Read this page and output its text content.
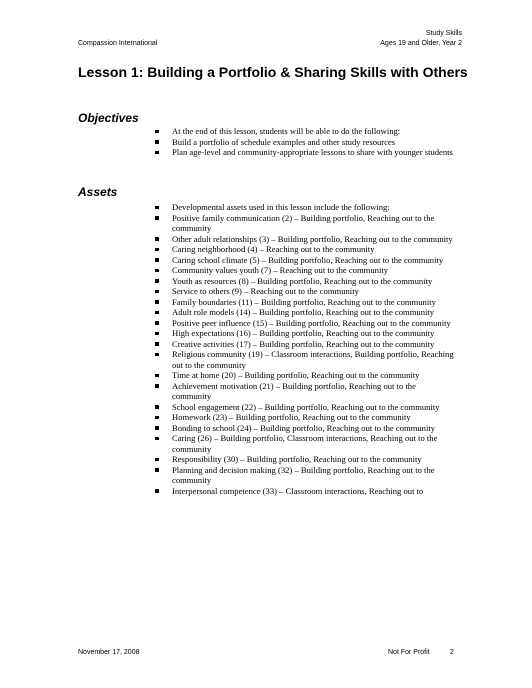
Study Skills
Ages 19 and Older, Year 2
Compassion International
Lesson 1: Building a Portfolio & Sharing Skills with Others
Objectives
At the end of this lesson, students will be able to do the following:
Build a portfolio of schedule examples and other study resources
Plan age-level and community-appropriate lessons to share with younger students
Assets
Developmental assets used in this lesson include the following:
Positive family communication (2) – Building portfolio, Reaching out to the community
Other adult relationships (3) – Building portfolio, Reaching out to the community
Caring neighborhood (4) – Reaching out to the community
Caring school climate (5) – Building portfolio, Reaching out to the community
Community values youth (7) – Reaching out to the community
Youth as resources (8) – Building portfolio, Reaching out to the community
Service to others (9) – Reaching out to the community
Family boundaries (11) – Building portfolio, Reaching out to the community
Adult role models (14) – Building portfolio, Reaching out to the community
Positive peer influence (15) – Building portfolio, Reaching out to the community
High expectations (16) – Building portfolio, Reaching out to the community
Creative activities (17) – Building portfolio, Reaching out to the community
Religious community (19) – Classroom interactions, Building portfolio, Reaching out to the community
Time at home (20) – Building portfolio, Reaching out to the community
Achievement motivation (21) – Building portfolio, Reaching out to the community
School engagement (22) – Building portfolio, Reaching out to the community
Homework (23) – Building portfolio, Reaching out to the community
Bonding to school (24) – Building portfolio, Reaching out to the community
Caring (26) – Building portfolio, Classroom interactions, Reaching out to the community
Responsibility (30) – Building portfolio, Reaching out to the community
Planning and decision making (32) – Building portfolio, Reaching out to the community
Interpersonal competence (33) – Classroom interactions, Reaching out to
November 17, 2008	Not For Profit	2
